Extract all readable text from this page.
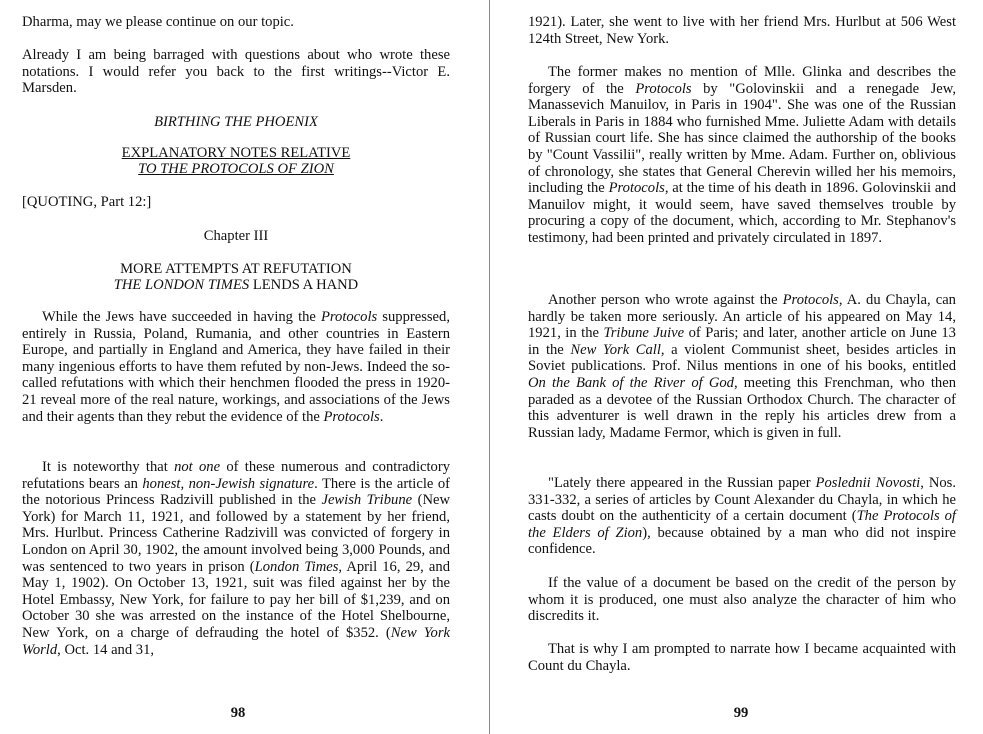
Dharma, may we please continue on our topic.

Already I am being barraged with questions about who wrote these notations. I would refer you back to the first writings--Victor E. Marsden.

BIRTHING THE PHOENIX

EXPLANATORY NOTES RELATIVE

TO THE PROTOCOLS OF ZION

[QUOTING, Part 12:]

Chapter III

MORE ATTEMPTS AT REFUTATION

THE LONDON TIMES LENDS A HAND

While the Jews have succeeded in having the Protocols suppressed, entirely in Russia, Poland, Rumania, and other countries in Eastern Europe, and partially in England and America, they have failed in their many ingenious efforts to have them refuted by non-Jews. Indeed the so-called refutations with which their henchmen flooded the press in 1920-21 reveal more of the real nature, workings, and associations of the Jews and their agents than they rebut the evidence of the Protocols.

It is noteworthy that not one of these numerous and contradictory refutations bears an honest, non-Jewish signature. There is the article of the notorious Princess Radzivill published in the Jewish Tribune (New York) for March 11, 1921, and followed by a statement by her friend, Mrs. Hurlbut. Princess Catherine Radzivill was convicted of forgery in London on April 30, 1902, the amount involved being 3,000 Pounds, and was sentenced to two years in prison (London Times, April 16, 29, and May 1, 1902). On October 13, 1921, suit was filed against her by the Hotel Embassy, New York, for failure to pay her bill of $1,239, and on October 30 she was arrested on the instance of the Hotel Shelbourne, New York, on a charge of defrauding the hotel of $352. (New York World, Oct. 14 and 31,

98

1921). Later, she went to live with her friend Mrs. Hurlbut at 506 West 124th Street, New York.

The former makes no mention of Mlle. Glinka and describes the forgery of the Protocols by "Golovinskii and a renegade Jew, Manassevich Manuilov, in Paris in 1904". She was one of the Russian Liberals in Paris in 1884 who furnished Mme. Juliette Adam with details of Russian court life. She has since claimed the authorship of the books by "Count Vassilii", really written by Mme. Adam. Further on, oblivious of chronology, she states that General Cherevin willed her his memoirs, including the Protocols, at the time of his death in 1896. Golovinskii and Manuilov might, it would seem, have saved themselves trouble by procuring a copy of the document, which, according to Mr. Stephanov's testimony, had been printed and privately circulated in 1897.

Another person who wrote against the Protocols, A. du Chayla, can hardly be taken more seriously. An article of his appeared on May 14, 1921, in the Tribune Juive of Paris; and later, another article on June 13 in the New York Call, a violent Communist sheet, besides articles in Soviet publications. Prof. Nilus mentions in one of his books, entitled On the Bank of the River of God, meeting this Frenchman, who then paraded as a devotee of the Russian Orthodox Church. The character of this adventurer is well drawn in the reply his articles drew from a Russian lady, Madame Fermor, which is given in full.

"Lately there appeared in the Russian paper Poslednii Novosti, Nos. 331-332, a series of articles by Count Alexander du Chayla, in which he casts doubt on the authenticity of a certain document (The Protocols of the Elders of Zion), because obtained by a man who did not inspire confidence.

If the value of a document be based on the credit of the person by whom it is produced, one must also analyze the character of him who discredits it.

That is why I am prompted to narrate how I became acquainted with Count du Chayla.

99
